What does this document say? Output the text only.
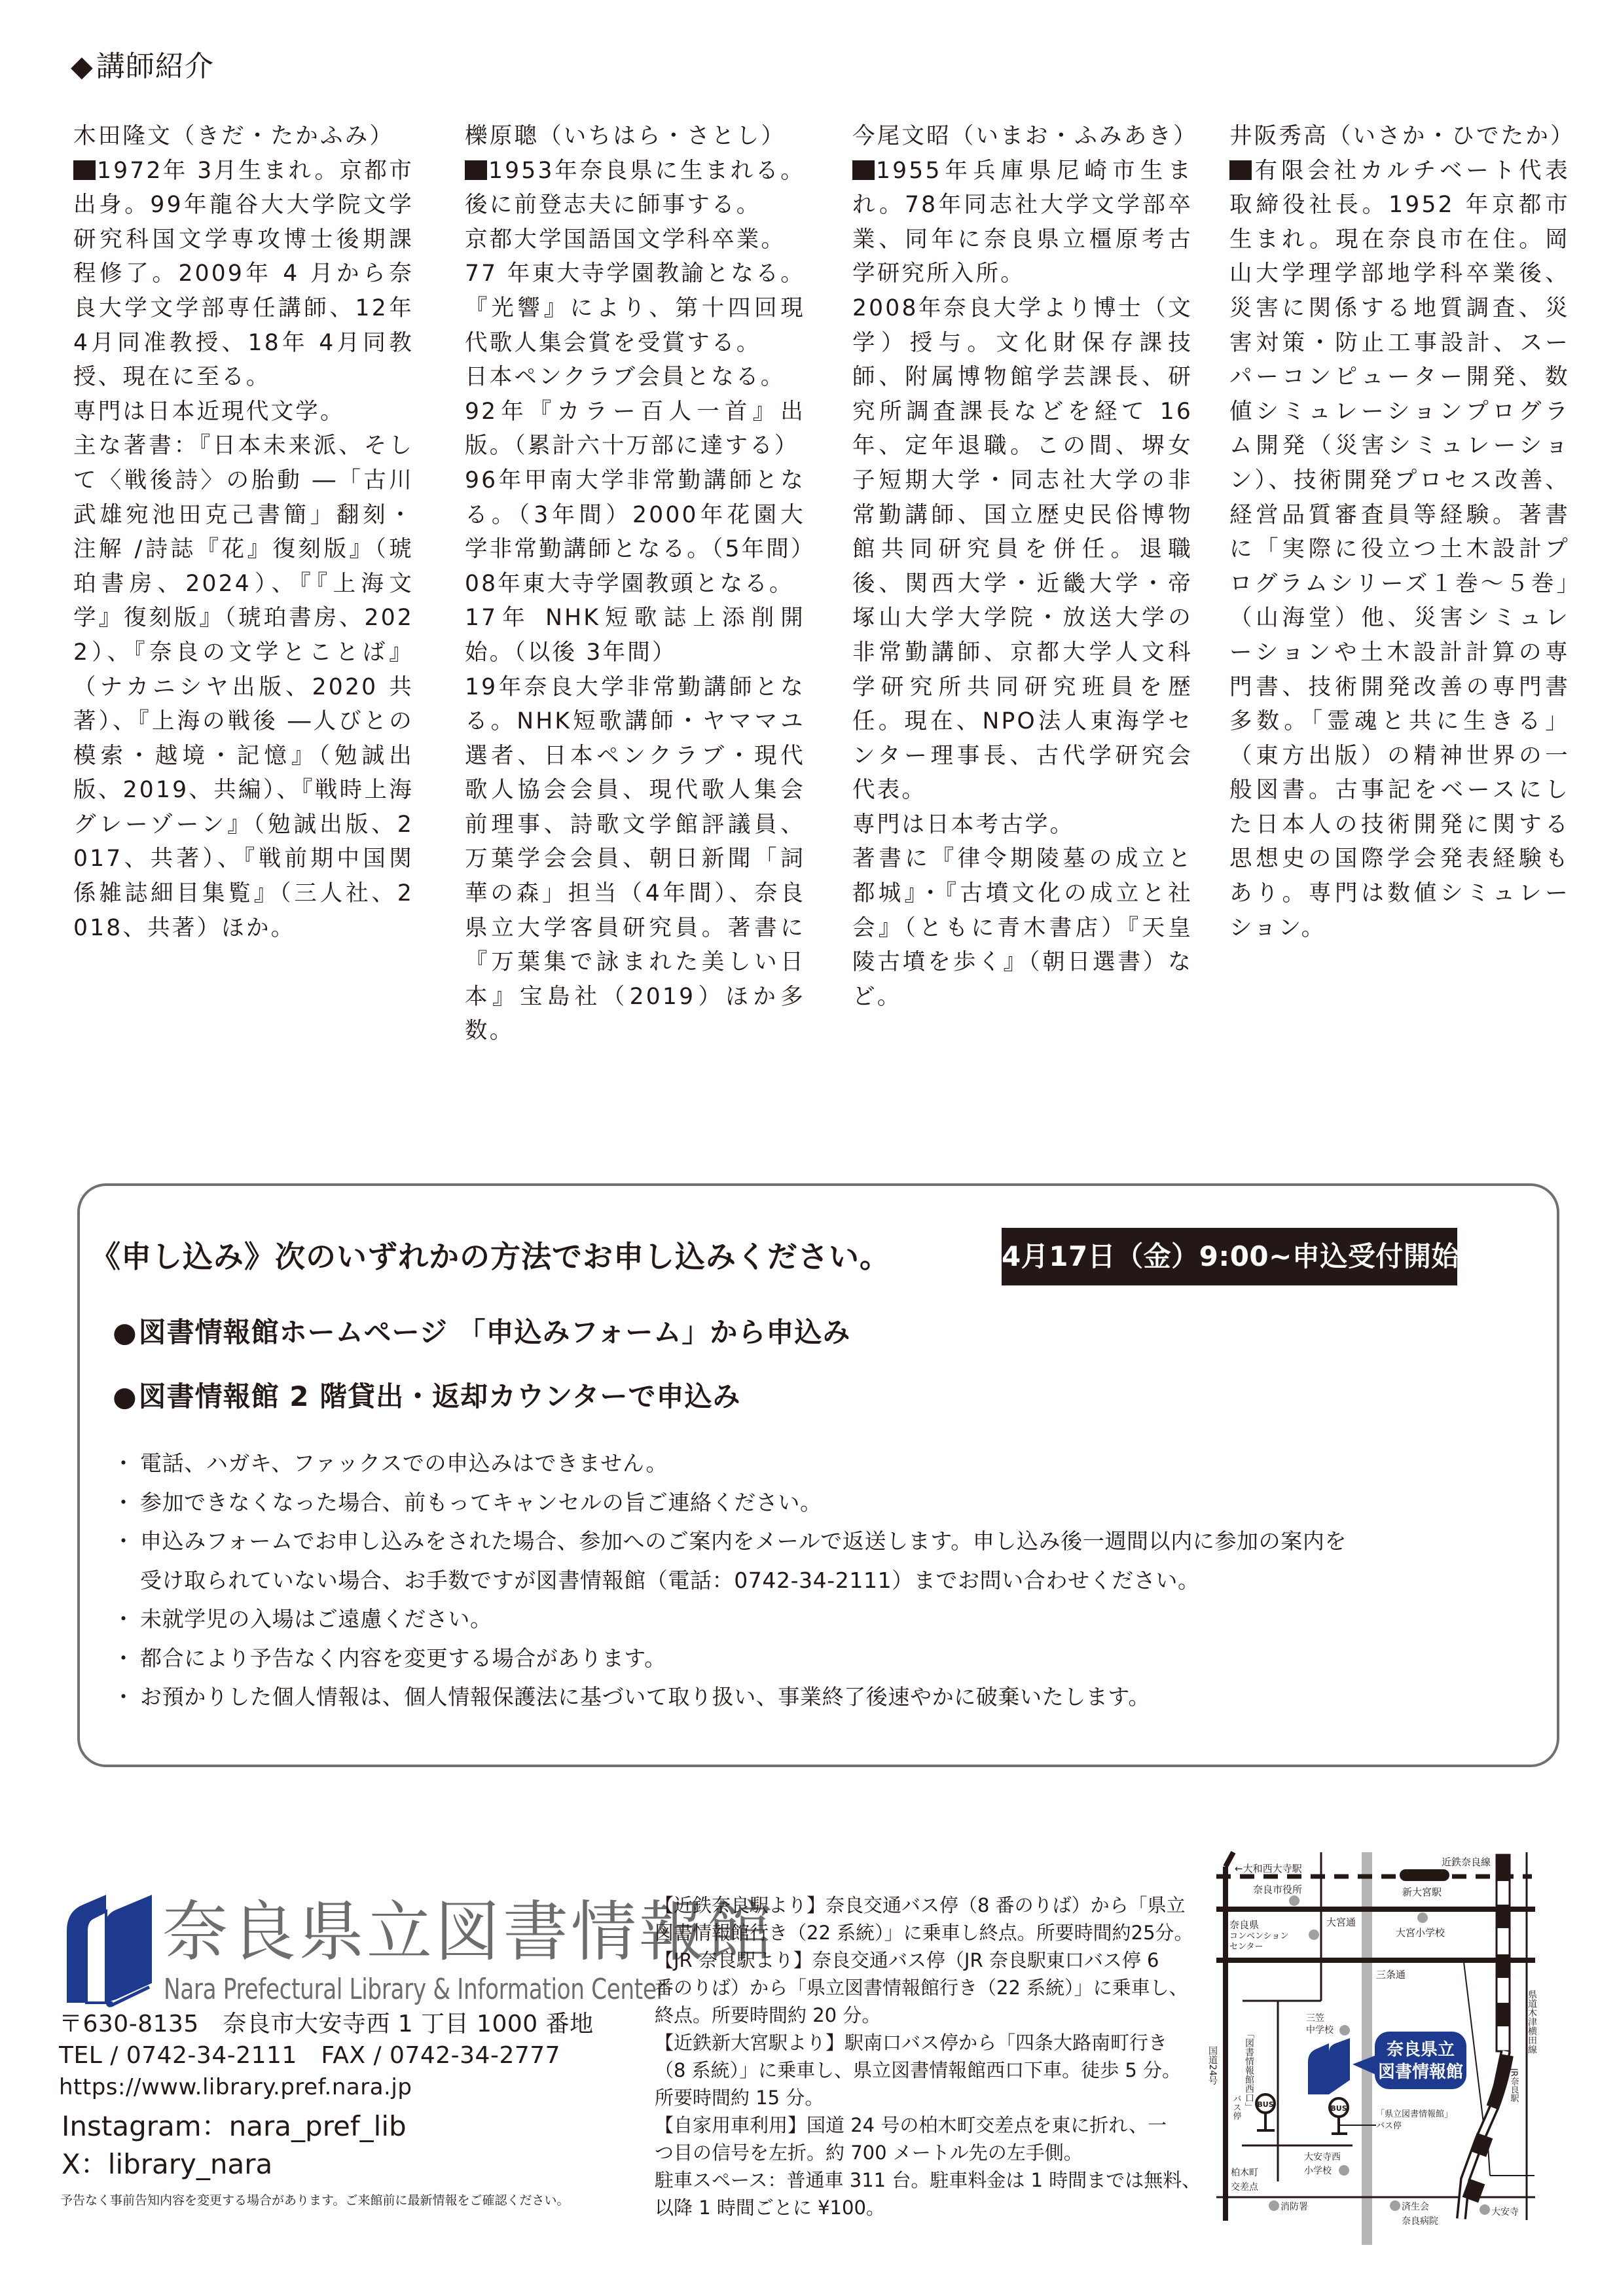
◆講師紹介
木田隆文（きだ・たかふみ）
1972年 3月生まれ。京都市出身。99年龍谷大大学院文学研究科国文学専攻博士後期課程修了。2009年 4 月から奈良大学文学部専任講師、12年 4月同准教授、18年 4月同教授、現在に至る。
専門は日本近現代文学。
主な著書：『日本未来派、そして〈戦後詩〉の胎動 ―「古川武雄宛池田克己書簡」翻刻・注解 /詩誌『花』復刻版』（琥珀書房、2024）、『『上海文学』復刻版』（琥珀書房、2022）、『奈良の文学とことば』（ナカニシヤ出版、2020 共著）、『上海の戦後 ―人びとの模索・越境・記憶』（勉誠出版、2019、共編）、『戦時上海グレーゾーン』（勉誠出版、2017、共著）、『戦前期中国関係雑誌細目集覧』（三人社、2018、共著）ほか。
櫟原聰（いちはら・さとし）
1953年奈良県に生まれる。後に前登志夫に師事する。
京都大学国語国文学科卒業。
77 年東大寺学園教諭となる。『光響』により、第十四回現代歌人集会賞を受賞する。
日本ペンクラブ会員となる。
92年『カラー百人一首』出版。（累計六十万部に達する）
96年甲南大学非常勤講師となる。（3年間）2000年花園大学非常勤講師となる。（5年間）
08年東大寺学園教頭となる。
17年 NHK短歌誌上添削開始。（以後 3年間）
19年奈良大学非常勤講師となる。NHK短歌講師・ヤママユ選者、日本ペンクラブ・現代歌人協会会員、現代歌人集会前理事、詩歌文学館評議員、万葉学会会員、朝日新聞「詞華の森」担当（4年間）、奈良県立大学客員研究員。著書に『万葉集で詠まれた美しい日本』宝島社（2019）ほか多数。
今尾文昭（いまお・ふみあき）1955年兵庫県尼崎市生まれ。78年同志社大学文学部卒業、同年に奈良県立橿原考古学研究所入所。
2008年奈良大学より博士（文学）授与。文化財保存課技師、附属博物館学芸課長、研究所調査課長などを経て 16年、定年退職。この間、堺女子短期大学・同志社大学の非常勤講師、国立歴史民俗博物館共同研究員を併任。退職後、関西大学・近畿大学・帝塚山大学大学院・放送大学の非常勤講師、京都大学人文科学研究所共同研究班員を歴任。現在、NPO法人東海学センター理事長、古代学研究会代表。
専門は日本考古学。
著書に『律令期陵墓の成立と都城』・『古墳文化の成立と社会』（ともに青木書店）『天皇陵古墳を歩く』（朝日選書）など。
井阪秀高（いさか・ひでたか）
有限会社カルチベート代表取締役社長。1952 年京都市生まれ。現在奈良市在住。岡山大学理学部地学科卒業後、災害に関係する地質調査、災害対策・防止工事設計、スーパーコンピューター開発、数値シミュレーションプログラム開発（災害シミュレーション）、技術開発プロセス改善、経営品質審査員等経験。著書に「実際に役立つ土木設計プログラムシリーズ１巻～５巻」（山海堂）他、災害シミュレーションや土木設計計算の専門書、技術開発改善の専門書多数。「霊魂と共に生きる」（東方出版）の精神世界の一般図書。古事記をベースにした日本人の技術開発に関する思想史の国際学会発表経験もあり。専門は数値シミュレーション。
《申し込み》次のいずれかの方法でお申し込みください。	4月17日（金）9:00~申込受付開始
●図書情報館ホームページ 「申込みフォーム」から申込み
●図書情報館 2 階貸出・返却カウンターで申込み
・ 電話、ハガキ、ファックスでの申込みはできません。
・ 参加できなくなった場合、前もってキャンセルの旨ご連絡ください。
・ 申込みフォームでお申し込みをされた場合、参加へのご案内をメールで返送します。申し込み後一週間以内に参加の案内を
受け取られていない場合、お手数ですが図書情報館（電話：0742-34-2111）までお問い合わせください。
・ 未就学児の入場はご遠慮ください。
・ 都合により予告なく内容を変更する場合があります。
・ お預かりした個人情報は、個人情報保護法に基づいて取り扱い、事業終了後速やかに破棄いたします。
奈良県立図書情報館
Nara Prefectural Library & Information Center
〒630-8135　奈良市大安寺西 1 丁目 1000 番地
TEL / 0742-34-2111　FAX / 0742-34-2777
https://www.library.pref.nara.jp
Instagram：nara_pref_lib
X：library_nara
予告なく事前告知内容を変更する場合があります。ご来館前に最新情報をご確認ください。
【近鉄奈良駅より】奈良交通バス停（8 番のりば）から「県立
図書情報館行き（22 系統）」に乗車し終点。所要時間約25分。
【JR 奈良駅より】奈良交通バス停（JR 奈良駅東口バス停 6
番のりば）から「県立図書情報館行き（22 系統）」に乗車し、
終点。所要時間約 20 分。
【近鉄新大宮駅より】駅南口バス停から「四条大路南町行き
（8 系統）」に乗車し、県立図書情報館西口下車。徒歩 5 分。
所要時間約 15 分。
【自家用車利用】国道 24 号の柏木町交差点を東に折れ、一
つ目の信号を左折。約 700 メートル先の左手側。
駐車スペース：普通車 311 台。駐車料金は 1 時間までは無料、
以降 1 時間ごとに ¥100。
奈良県立
図書情報館
BUS	BUS
←大和西大寺駅
近鉄奈良線
新大宮駅
奈良市役所
奈良県
コンベンション
センター
大宮通
大宮小学校
三条通
県道木津横田線
三笠
中学校
国道24号	「図書情報館西口」
バス停	「県立図書情報館」
バス停
JR奈良駅
大安寺西
小学校
柏木町
交差点
消防署	済生会
奈良病院
大安寺
